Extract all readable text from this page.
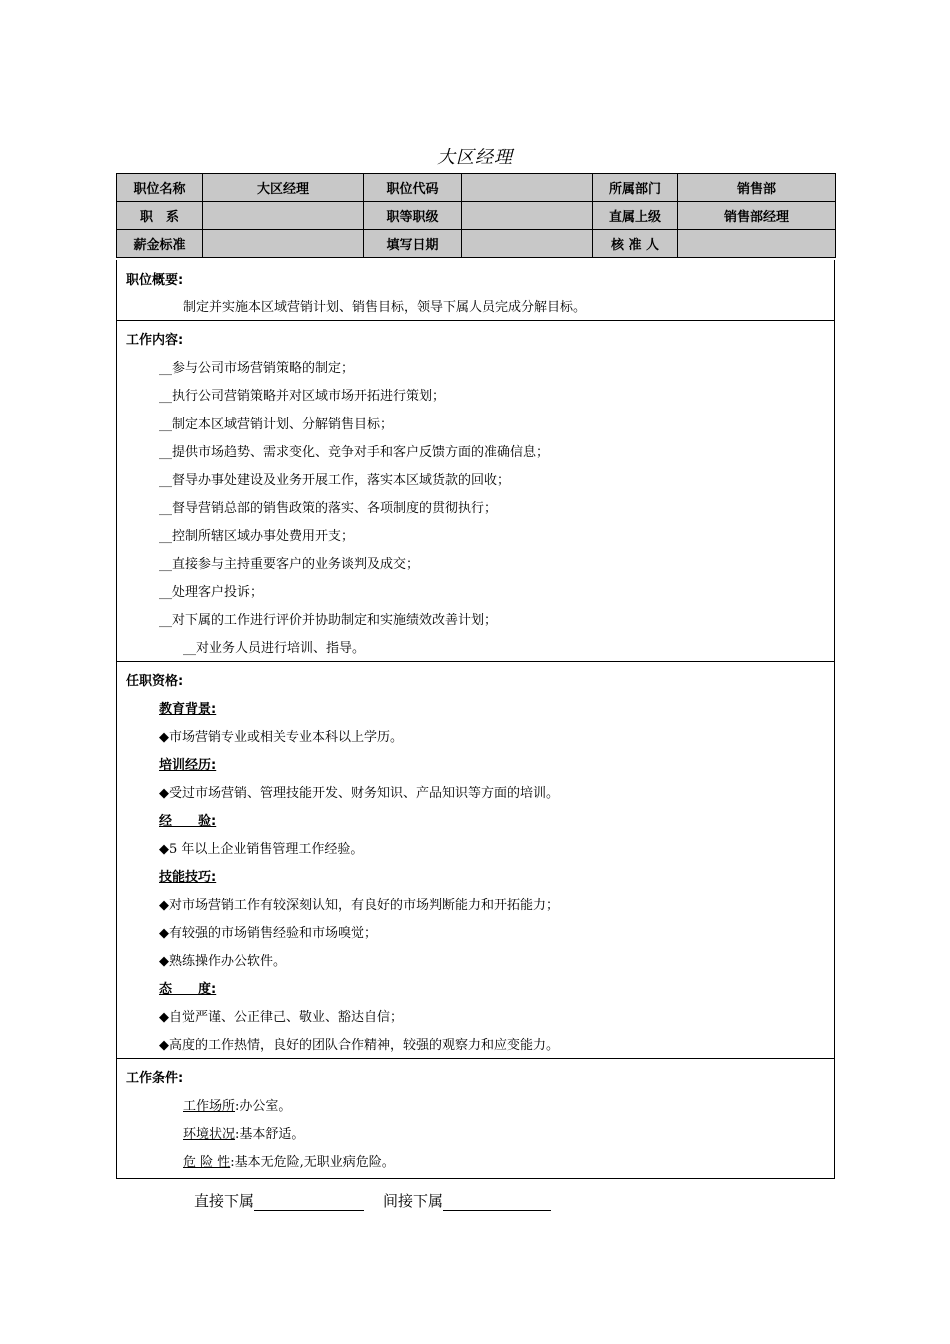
大区经理
职位名称	大区经理	职位代码		所属部门	销售部
职　系		职等职级		直属上级	销售部经理
薪金标准		填写日期		核 准 人	
职位概要:
制定并实施本区域营销计划、销售目标，领导下属人员完成分解目标。
工作内容:
__参与公司市场营销策略的制定；
__执行公司营销策略并对区域市场开拓进行策划；
__制定本区域营销计划、分解销售目标；
__提供市场趋势、需求变化、竞争对手和客户反馈方面的准确信息；
__督导办事处建设及业务开展工作，落实本区域货款的回收；
__督导营销总部的销售政策的落实、各项制度的贯彻执行；
__控制所辖区域办事处费用开支；
__直接参与主持重要客户的业务谈判及成交；
__处理客户投诉；
__对下属的工作进行评价并协助制定和实施绩效改善计划；
__对业务人员进行培训、指导。
任职资格:
教育背景:
◆市场营销专业或相关专业本科以上学历。
培训经历:
◆受过市场营销、管理技能开发、财务知识、产品知识等方面的培训。
经　　验:
◆5 年以上企业销售管理工作经验。
技能技巧:
◆对市场营销工作有较深刻认知，有良好的市场判断能力和开拓能力；
◆有较强的市场销售经验和市场嗅觉；
◆熟练操作办公软件。
态　　度:
◆自觉严谨、公正律己、敬业、豁达自信；
◆高度的工作热情，良好的团队合作精神，较强的观察力和应变能力。
工作条件:
工作场所:办公室。
环境状况:基本舒适。
危 险 性:基本无危险,无职业病危险。
直接下属	间接下属
